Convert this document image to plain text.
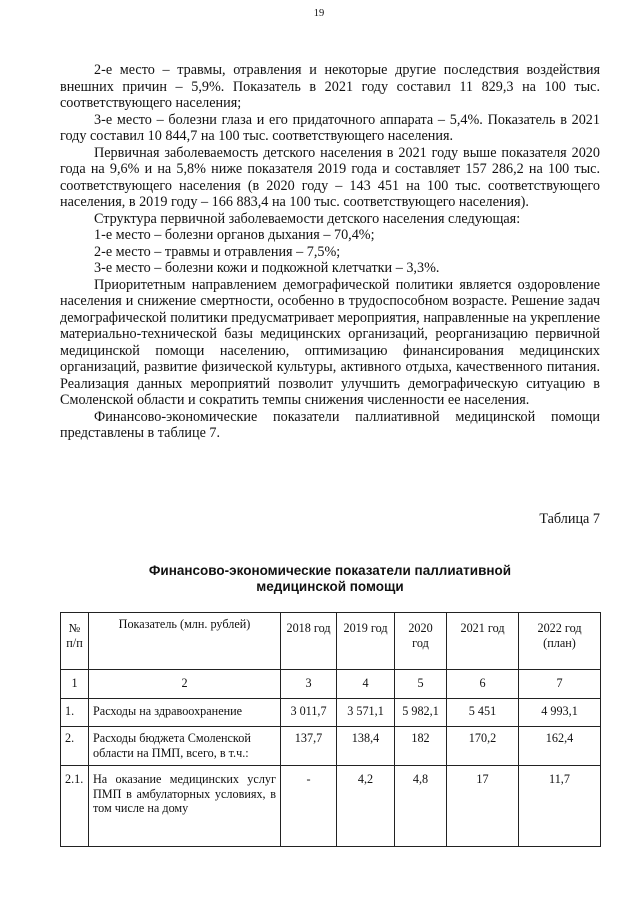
19

2-е место – травмы, отравления и некоторые другие последствия воздействия внешних причин – 5,9%. Показатель в 2021 году составил 11 829,3 на 100 тыс. соответствующего населения;

3-е место – болезни глаза и его придаточного аппарата – 5,4%. Показатель в 2021 году составил 10 844,7 на 100 тыс. соответствующего населения.

Первичная заболеваемость детского населения в 2021 году выше показателя 2020 года на 9,6% и на 5,8% ниже показателя 2019 года и составляет 157 286,2 на 100 тыс. соответствующего населения (в 2020 году – 143 451 на 100 тыс. соответствующего населения, в 2019 году – 166 883,4 на 100 тыс. соответствующего населения).

Структура первичной заболеваемости детского населения следующая:

1-е место – болезни органов дыхания – 70,4%;

2-е место – травмы и отравления – 7,5%;

3-е место – болезни кожи и подкожной клетчатки – 3,3%.

Приоритетным направлением демографической политики является оздоровление населения и снижение смертности, особенно в трудоспособном возрасте. Решение задач демографической политики предусматривает мероприятия, направленные на укрепление материально-технической базы медицинских организаций, реорганизацию первичной медицинской помощи населению, оптимизацию финансирования медицинских организаций, развитие физической культуры, активного отдыха, качественного питания. Реализация данных мероприятий позволит улучшить демографическую ситуацию в Смоленской области и сократить темпы снижения численности ее населения.

Финансово-экономические показатели паллиативной медицинской помощи представлены в таблице 7.

Таблица 7
Финансово-экономические показатели паллиативной
медицинской помощи
№ п/п	Показатель (млн. рублей)	2018 год	2019 год	2020 год	2021 год	2022 год (план)
1	2	3	4	5	6	7
1.	Расходы на здравоохранение	3 011,7	3 571,1	5 982,1	5 451	4 993,1
2.	Расходы бюджета Смоленской области на ПМП, всего, в т.ч.:	137,7	138,4	182	170,2	162,4
2.1.	На оказание медицинских услуг ПМП в амбулаторных условиях, в том числе на дому	-	4,2	4,8	17	11,7
